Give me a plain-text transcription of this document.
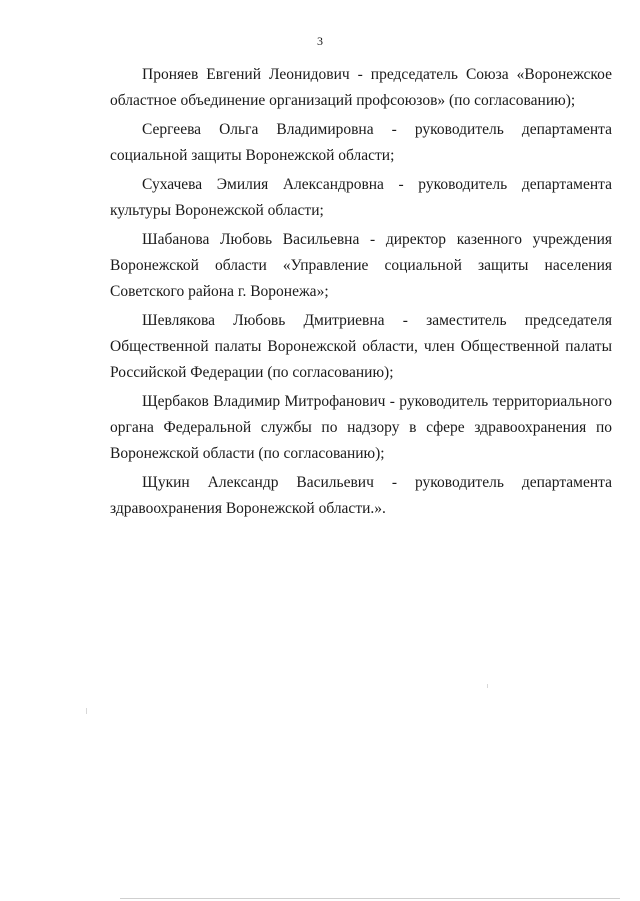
3

Проняев Евгений Леонидович - председатель Союза «Воронежское областное объединение организаций профсоюзов» (по согласованию);

Сергеева Ольга Владимировна - руководитель департамента социальной защиты Воронежской области;

Сухачева Эмилия Александровна - руководитель департамента культуры Воронежской области;

Шабанова Любовь Васильевна - директор казенного учреждения Воронежской области «Управление социальной защиты населения Советского района г. Воронежа»;

Шевлякова Любовь Дмитриевна - заместитель председателя Общественной палаты Воронежской области, член Общественной палаты Российской Федерации (по согласованию);

Щербаков Владимир Митрофанович - руководитель территориального органа Федеральной службы по надзору в сфере здравоохранения по Воронежской области (по согласованию);

Щукин Александр Васильевич - руководитель департамента здравоохранения Воронежской области.».
